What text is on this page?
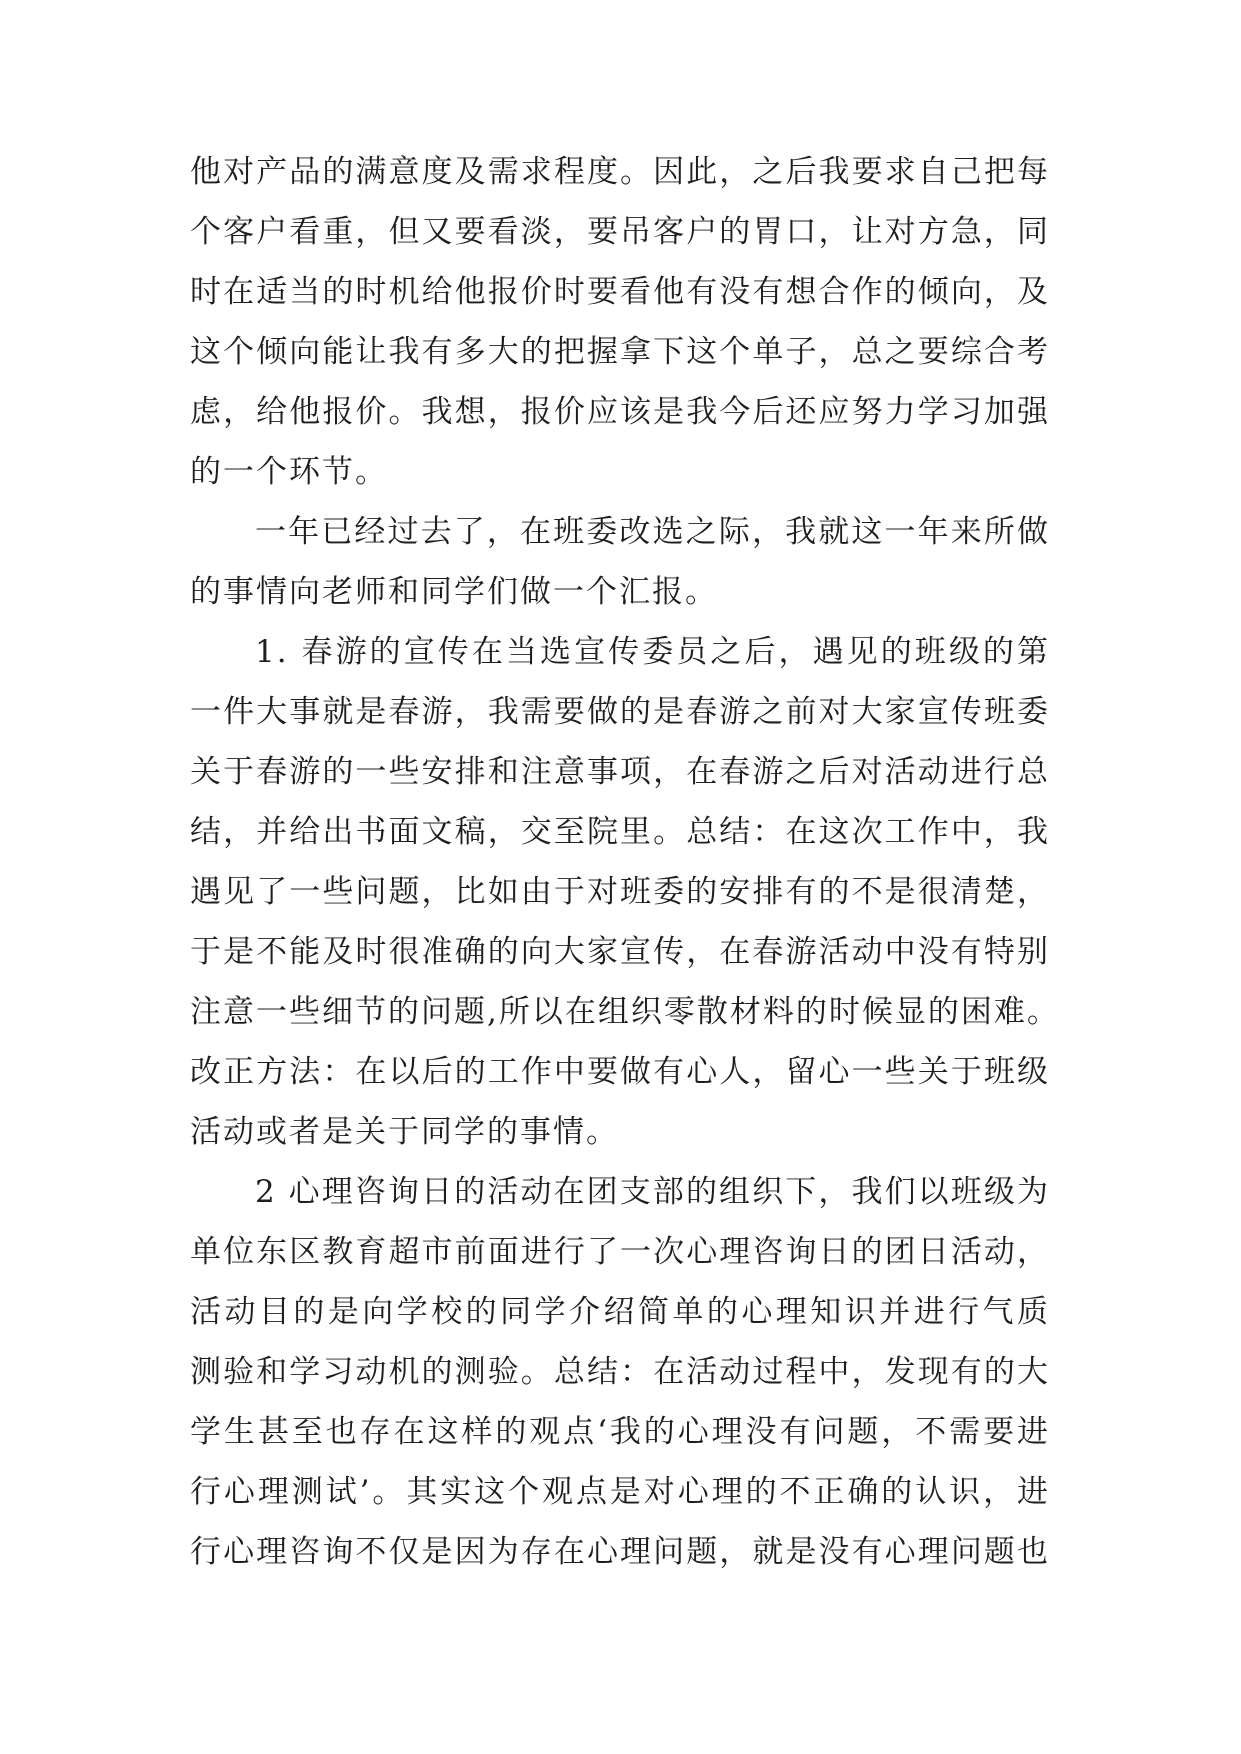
他对产品的满意度及需求程度。因此，之后我要求自己把每
个客户看重，但又要看淡，要吊客户的胃口，让对方急，同
时在适当的时机给他报价时要看他有没有想合作的倾向，及
这个倾向能让我有多大的把握拿下这个单子，总之要综合考
虑，给他报价。我想，报价应该是我今后还应努力学习加强
的一个环节。
一年已经过去了，在班委改选之际，我就这一年来所做
的事情向老师和同学们做一个汇报。
1. 春游的宣传在当选宣传委员之后，遇见的班级的第
一件大事就是春游，我需要做的是春游之前对大家宣传班委
关于春游的一些安排和注意事项，在春游之后对活动进行总
结，并给出书面文稿，交至院里。总结：在这次工作中，我
遇见了一些问题，比如由于对班委的安排有的不是很清楚，
于是不能及时很准确的向大家宣传，在春游活动中没有特别
注意一些细节的问题,所以在组织零散材料的时候显的困难。
改正方法：在以后的工作中要做有心人，留心一些关于班级
活动或者是关于同学的事情。
2 心理咨询日的活动在团支部的组织下，我们以班级为
单位东区教育超市前面进行了一次心理咨询日的团日活动，
活动目的是向学校的同学介绍简单的心理知识并进行气质
测验和学习动机的测验。总结：在活动过程中，发现有的大
学生甚至也存在这样的观点‘我的心理没有问题，不需要进
行心理测试’。其实这个观点是对心理的不正确的认识，进
行心理咨询不仅是因为存在心理问题，就是没有心理问题也
